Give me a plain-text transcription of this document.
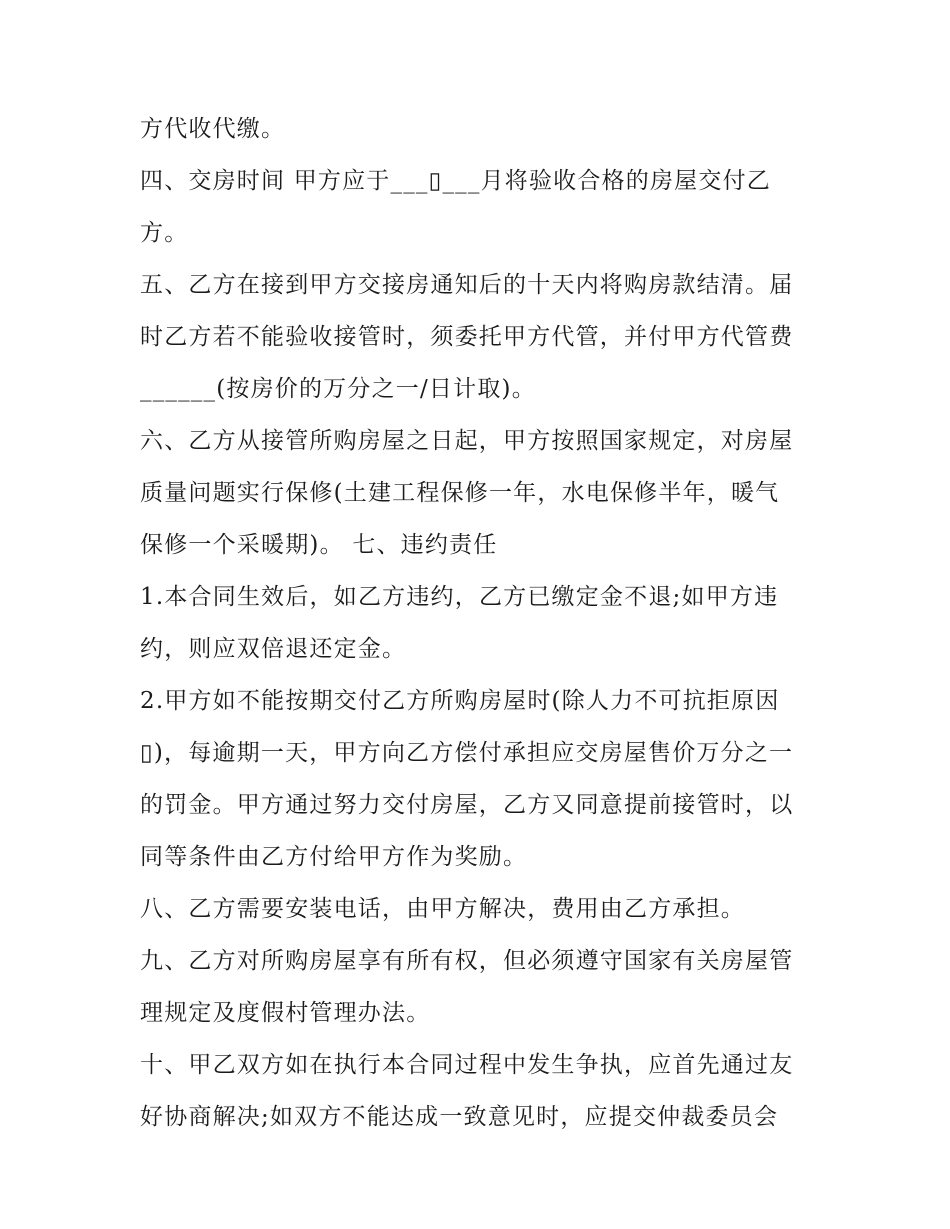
方代收代缴。
四、交房时间 甲方应于___▯___月将验收合格的房屋交付乙
方。
五、乙方在接到甲方交接房通知后的十天内将购房款结清。届
时乙方若不能验收接管时，须委托甲方代管，并付甲方代管费
______(按房价的万分之一/日计取)。
六、乙方从接管所购房屋之日起，甲方按照国家规定，对房屋
质量问题实行保修(土建工程保修一年，水电保修半年，暖气
保修一个采暖期)。 七、违约责任
1.本合同生效后，如乙方违约，乙方已缴定金不退;如甲方违
约，则应双倍退还定金。
2.甲方如不能按期交付乙方所购房屋时(除人力不可抗拒原因
▯)，每逾期一天，甲方向乙方偿付承担应交房屋售价万分之一
的罚金。甲方通过努力交付房屋，乙方又同意提前接管时，以
同等条件由乙方付给甲方作为奖励。
八、乙方需要安装电话，由甲方解决，费用由乙方承担。
九、乙方对所购房屋享有所有权，但必须遵守国家有关房屋管
理规定及度假村管理办法。
十、甲乙双方如在执行本合同过程中发生争执，应首先通过友
好协商解决;如双方不能达成一致意见时，应提交仲裁委员会
